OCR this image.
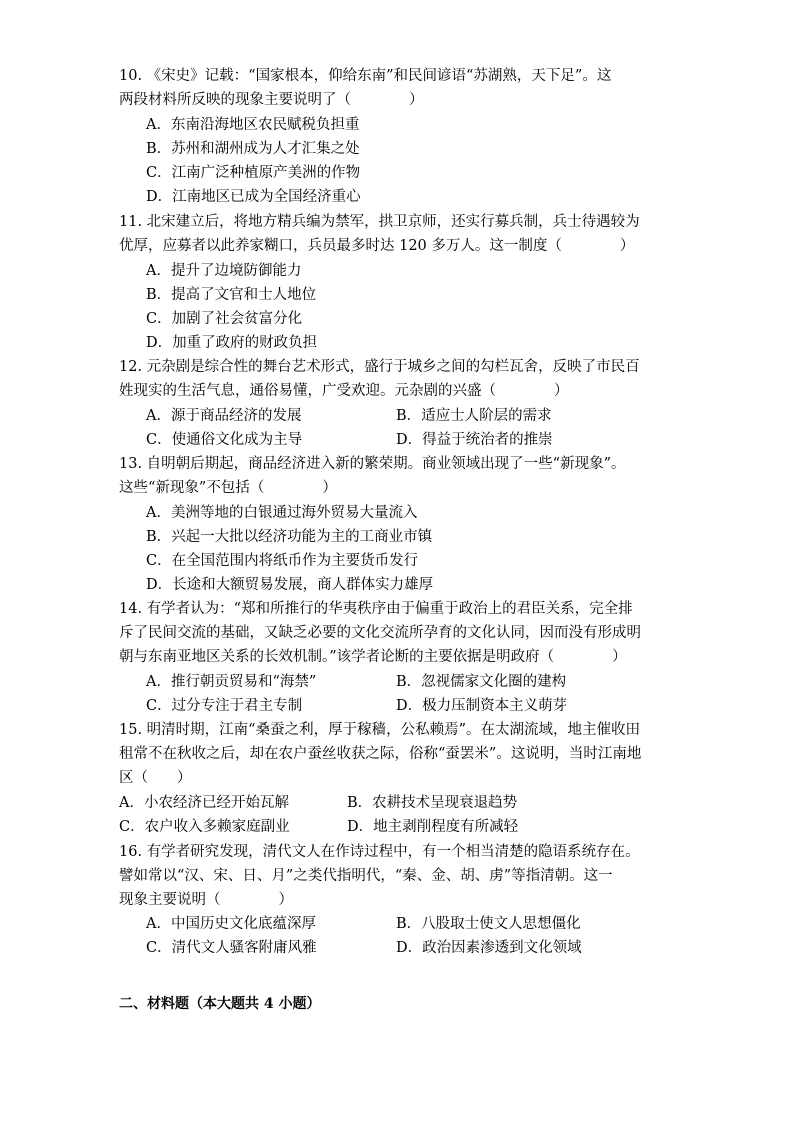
10. 《宋史》记载：“国家根本，仰给东南”和民间谚语“苏湖熟，天下足”。这
两段材料所反映的现象主要说明了（　　　　）
A．东南沿海地区农民赋税负担重
B．苏州和湖州成为人才汇集之处
C．江南广泛种植原产美洲的作物
D．江南地区已成为全国经济重心
11. 北宋建立后，将地方精兵编为禁军，拱卫京师，还实行募兵制，兵士待遇较为
优厚，应募者以此养家糊口，兵员最多时达 120 多万人。这一制度（　　　　）
A．提升了边境防御能力
B．提高了文官和士人地位
C．加剧了社会贫富分化
D．加重了政府的财政负担
12. 元杂剧是综合性的舞台艺术形式，盛行于城乡之间的勾栏瓦舍，反映了市民百
姓现实的生活气息，通俗易懂，广受欢迎。元杂剧的兴盛（　　　　）
A．源于商品经济的发展	B．适应士人阶层的需求
C．使通俗文化成为主导	D．得益于统治者的推崇
13. 自明朝后期起，商品经济进入新的繁荣期。商业领域出现了一些“新现象”。
这些“新现象”不包括（　　　　）
A．美洲等地的白银通过海外贸易大量流入
B．兴起一大批以经济功能为主的工商业市镇
C．在全国范围内将纸币作为主要货币发行
D．长途和大额贸易发展，商人群体实力雄厚
14. 有学者认为：“郑和所推行的华夷秩序由于偏重于政治上的君臣关系，完全排
斥了民间交流的基础，又缺乏必要的文化交流所孕育的文化认同，因而没有形成明
朝与东南亚地区关系的长效机制。”该学者论断的主要依据是明政府（　　　　）
A．推行朝贡贸易和“海禁”	B．忽视儒家文化圈的建构
C．过分专注于君主专制	D．极力压制资本主义萌芽
15. 明清时期，江南“桑蚕之利，厚于稼穑，公私赖焉”。在太湖流域，地主催收田
租常不在秋收之后，却在农户蚕丝收获之际，俗称“蚕罢米”。这说明，当时江南地
区（　　）
A．小农经济已经开始瓦解	B．农耕技术呈现衰退趋势
C．农户收入多赖家庭副业	D．地主剥削程度有所减轻
16. 有学者研究发现，清代文人在作诗过程中，有一个相当清楚的隐语系统存在。
譬如常以“汉、宋、日、月”之类代指明代，“秦、金、胡、虏”等指清朝。这一
现象主要说明（　　　　）
A．中国历史文化底蕴深厚	B．八股取士使文人思想僵化
C．清代文人骚客附庸风雅	D．政治因素渗透到文化领域
二、材料题（本大题共 4 小题）
